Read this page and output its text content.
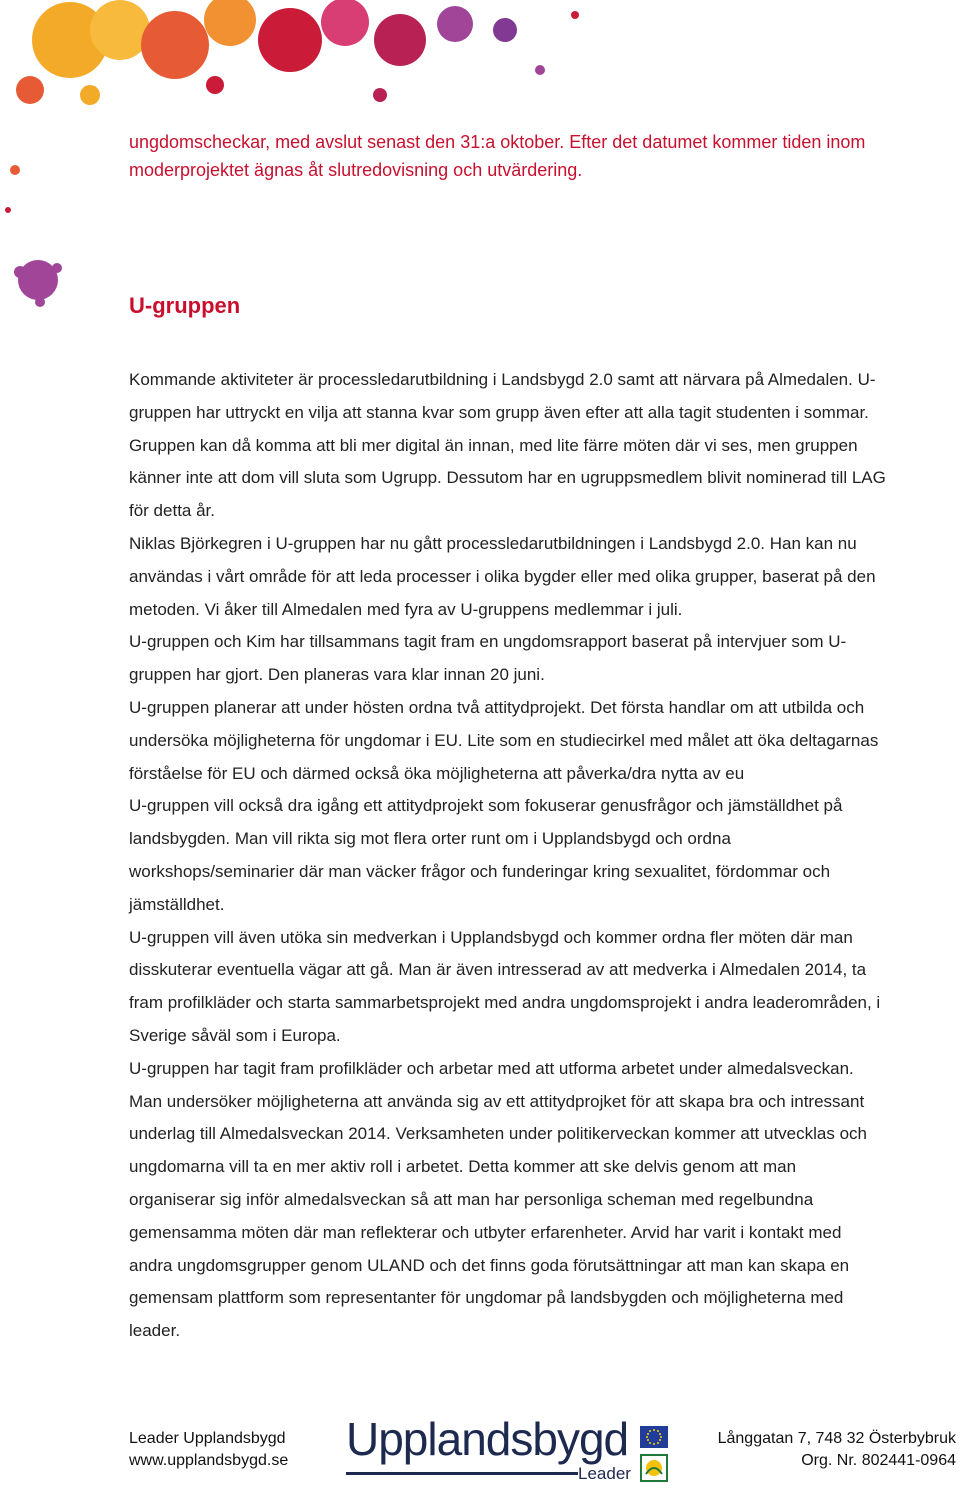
ungdomscheckar, med avslut senast den 31:a oktober. Efter det datumet kommer tiden inom moderprojektet ägnas åt slutredovisning och utvärdering.
U-gruppen

Kommande aktiviteter är processledarutbildning i Landsbygd 2.0 samt att närvara på Almedalen. U-
gruppen har uttryckt en vilja att stanna kvar som grupp även efter att alla tagit studenten i sommar.
Gruppen kan då komma att bli mer digital än innan, med lite färre möten där vi ses, men gruppen
känner inte att dom vill sluta som Ugrupp. Dessutom har en ugruppsmedlem blivit nominerad till LAG
för detta år.

Niklas Björkegren i U-gruppen har nu gått processledarutbildningen i Landsbygd 2.0. Han kan nu
användas i vårt område för att leda processer i olika bygder eller med olika grupper, baserat på den
metoden. Vi åker till Almedalen med fyra av U-gruppens medlemmar i juli.

U-gruppen och Kim har tillsammans tagit fram en ungdomsrapport baserat på intervjuer som U-
gruppen har gjort. Den planeras vara klar innan 20 juni.

U-gruppen planerar att under hösten ordna två attitydprojekt. Det första handlar om att utbilda och
undersöka möjligheterna för ungdomar i EU. Lite som en studiecirkel med målet att öka deltagarnas
förståelse för EU och därmed också öka möjligheterna att påverka/dra nytta av eu
U-gruppen vill också dra igång ett attitydprojekt som fokuserar genusfrågor och jämställdhet på
landsbygden. Man vill rikta sig mot flera orter runt om i Upplandsbygd och ordna
workshops/seminarier där man väcker frågor och funderingar kring sexualitet, fördommar och
jämställdhet.

U-gruppen vill även utöka sin medverkan i Upplandsbygd och kommer ordna fler möten där man
disskuterar eventuella vägar att gå. Man är även intresserad av att medverka i Almedalen 2014, ta
fram profilkläder och starta sammarbetsprojekt med andra ungdomsprojekt i andra leaderområden, i
Sverige såväl som i Europa.

U-gruppen har tagit fram profilkläder och arbetar med att utforma arbetet under almedalsveckan.
Man undersöker möjligheterna att använda sig av ett attitydprojket för att skapa bra och intressant
underlag till Almedalsveckan 2014. Verksamheten under politikerveckan kommer att utvecklas och
ungdomarna vill ta en mer aktiv roll i arbetet. Detta kommer att ske delvis genom att man
organiserar sig inför almedalsveckan så att man har personliga scheman med regelbundna
gemensamma möten där man reflekterar och utbyter erfarenheter. Arvid har varit i kontakt med
andra ungdomsgrupper genom ULAND och det finns goda förutsättningar att man kan skapa en
gemensam plattform som representanter för ungdomar på landsbygden och möjligheterna med
leader.

Leader Upplandsbygd
www.upplandsbygd.se Upplandsbygd
Leader
Långgatan 7, 748 32 Österbybruk
Org. Nr. 802441-0964
